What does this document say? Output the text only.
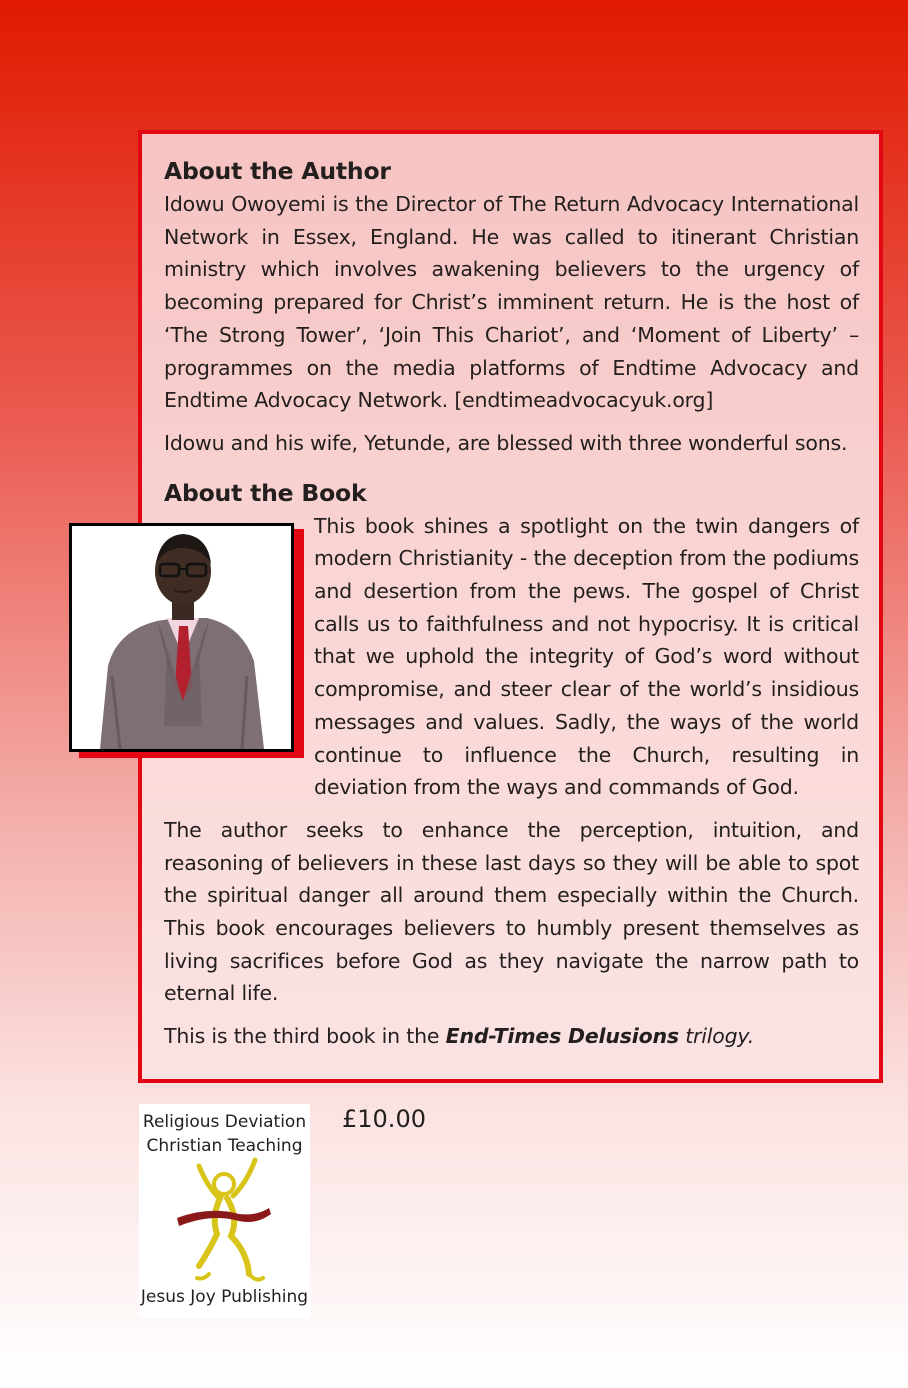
About the Author

Idowu Owoyemi is the Director of The Return Advocacy International Network in Essex, England. He was called to itinerant Christian ministry which involves awakening believers to the urgency of becoming prepared for Christ’s imminent return. He is the host of ‘The Strong Tower’, ‘Join This Chariot’, and ‘Moment of Liberty’ – programmes on the media platforms of Endtime Advocacy and Endtime Advocacy Network. [endtimeadvocacyuk.org]

Idowu and his wife, Yetunde, are blessed with three wonderful sons.

About the Book

This book shines a spotlight on the twin dangers of modern Christianity - the deception from the podiums and desertion from the pews. The gospel of Christ calls us to faithfulness and not hypocrisy. It is critical that we uphold the integrity of God’s word without compromise, and steer clear of the world’s insidious messages and values. Sadly, the ways of the world continue to influence the Church, resulting in deviation from the ways and commands of God.

The author seeks to enhance the perception, intuition, and reasoning of believers in these last days so they will be able to spot the spiritual danger all around them especially within the Church. This book encourages believers to humbly present themselves as living sacrifices before God as they navigate the narrow path to eternal life.

This is the third book in the End-Times Delusions trilogy.

Religious Deviation
Christian Teaching
Jesus Joy Publishing
£10.00
